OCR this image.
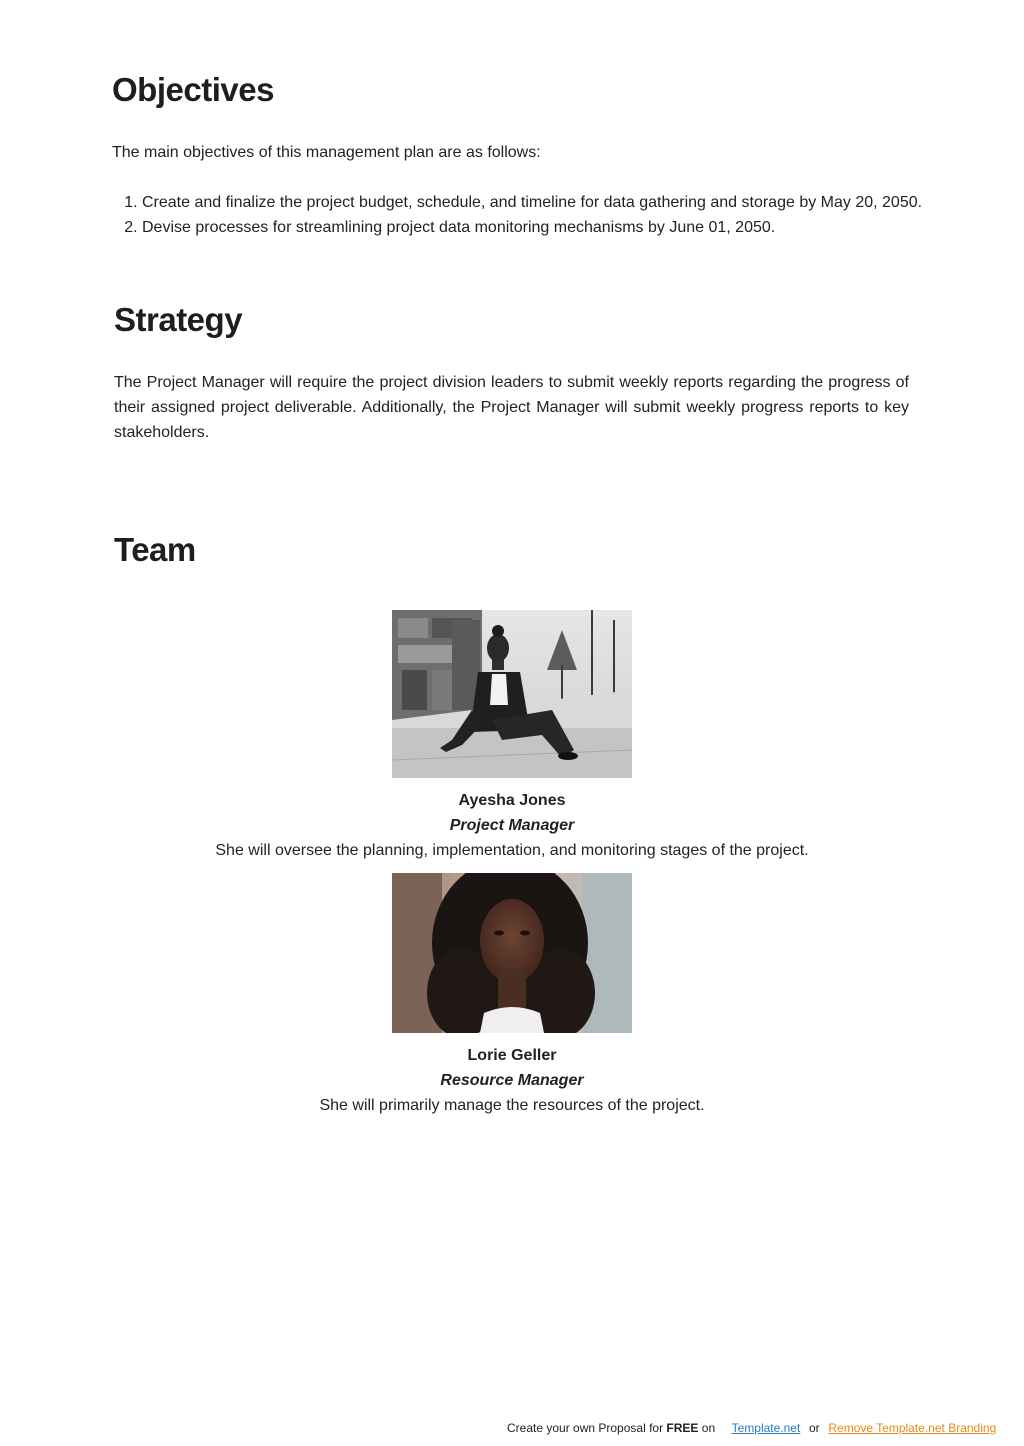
Objectives

The main objectives of this management plan are as follows:

1. Create and finalize the project budget, schedule, and timeline for data gathering and storage by May 20, 2050.
2. Devise processes for streamlining project data monitoring mechanisms by June 01, 2050.
Strategy

The Project Manager will require the project division leaders to submit weekly reports regarding the progress of their assigned project deliverable. Additionally, the Project Manager will submit weekly progress reports to key stakeholders.

Team
Ayesha Jones
Project Manager
She will oversee the planning, implementation, and monitoring stages of the project.
Lorie Geller
Resource Manager
She will primarily manage the resources of the project.
Create your own Proposal for FREE on Template.net or Remove Template.net Branding
